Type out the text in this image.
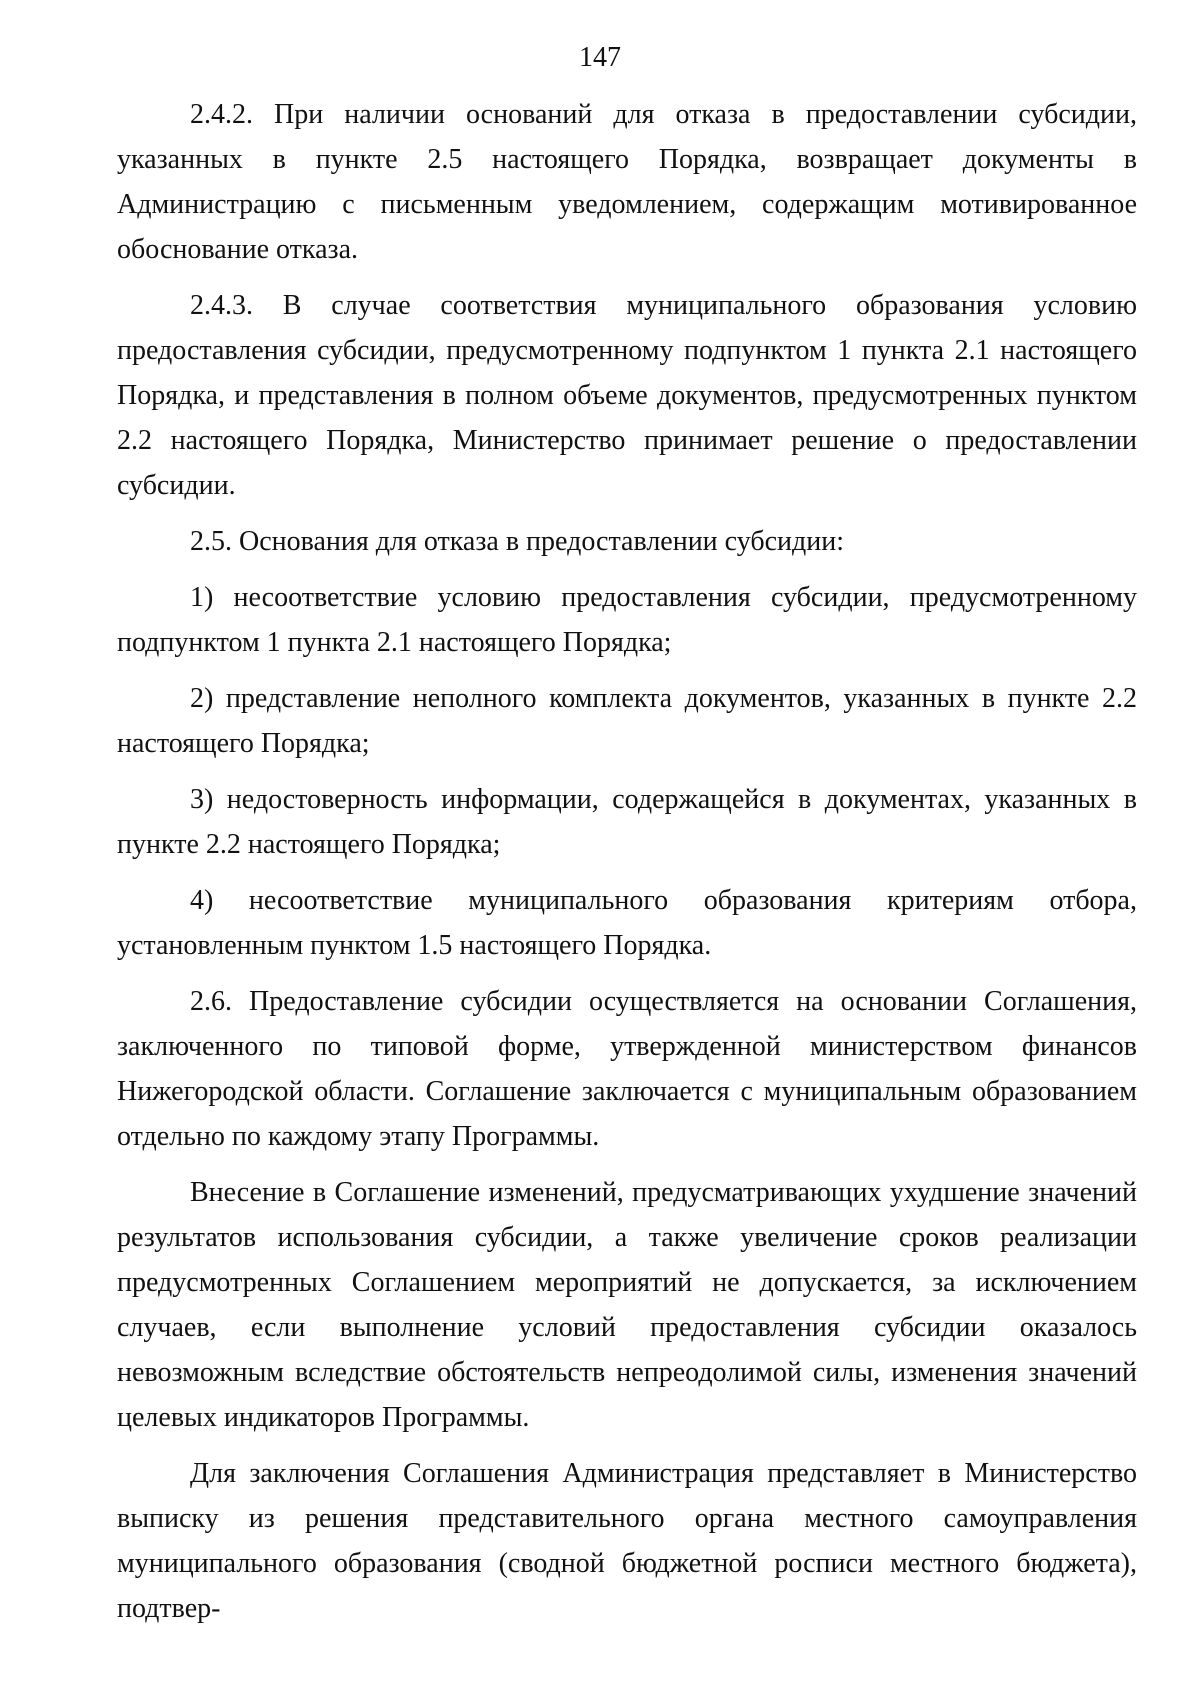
147

2.4.2. При наличии оснований для отказа в предоставлении субсидии, указанных в пункте 2.5 настоящего Порядка, возвращает документы в Администрацию с письменным уведомлением, содержащим мотивированное обоснование отказа.

2.4.3. В случае соответствия муниципального образования условию предоставления субсидии, предусмотренному подпунктом 1 пункта 2.1 настоящего Порядка, и представления в полном объеме документов, предусмотренных пунктом 2.2 настоящего Порядка, Министерство принимает решение о предоставлении субсидии.

2.5. Основания для отказа в предоставлении субсидии:

1) несоответствие условию предоставления субсидии, предусмотренному подпунктом 1 пункта 2.1 настоящего Порядка;

2) представление неполного комплекта документов, указанных в пункте 2.2 настоящего Порядка;

3) недостоверность информации, содержащейся в документах, указанных в пункте 2.2 настоящего Порядка;

4) несоответствие муниципального образования критериям отбора, установленным пунктом 1.5 настоящего Порядка.

2.6. Предоставление субсидии осуществляется на основании Соглашения, заключенного по типовой форме, утвержденной министерством финансов Нижегородской области. Соглашение заключается с муниципальным образованием отдельно по каждому этапу Программы.

Внесение в Соглашение изменений, предусматривающих ухудшение значений результатов использования субсидии, а также увеличение сроков реализации предусмотренных Соглашением мероприятий не допускается, за исключением случаев, если выполнение условий предоставления субсидии оказалось невозможным вследствие обстоятельств непреодолимой силы, изменения значений целевых индикаторов Программы.

Для заключения Соглашения Администрация представляет в Министерство выписку из решения представительного органа местного самоуправления муниципального образования (сводной бюджетной росписи местного бюджета), подтвер-
